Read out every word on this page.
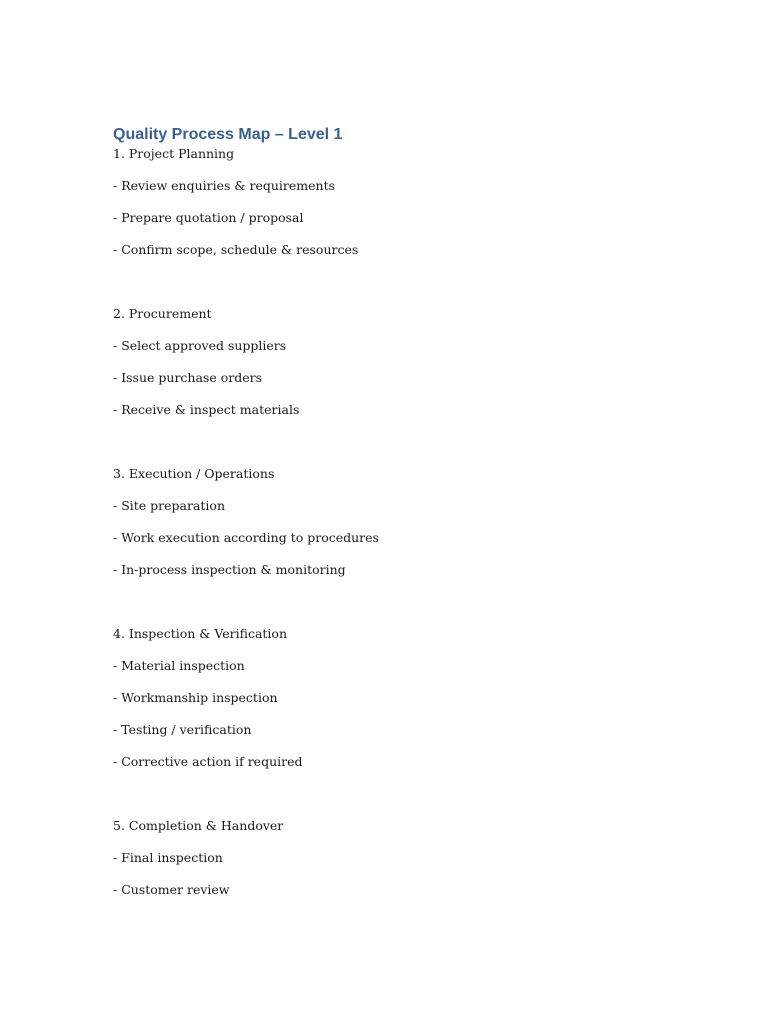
Quality Process Map – Level 1

1. Project Planning

- Review enquiries & requirements

- Prepare quotation / proposal

- Confirm scope, schedule & resources

2. Procurement

- Select approved suppliers

- Issue purchase orders

- Receive & inspect materials

3. Execution / Operations

- Site preparation

- Work execution according to procedures

- In-process inspection & monitoring

4. Inspection & Verification

- Material inspection

- Workmanship inspection

- Testing / verification

- Corrective action if required

5. Completion & Handover

- Final inspection

- Customer review
